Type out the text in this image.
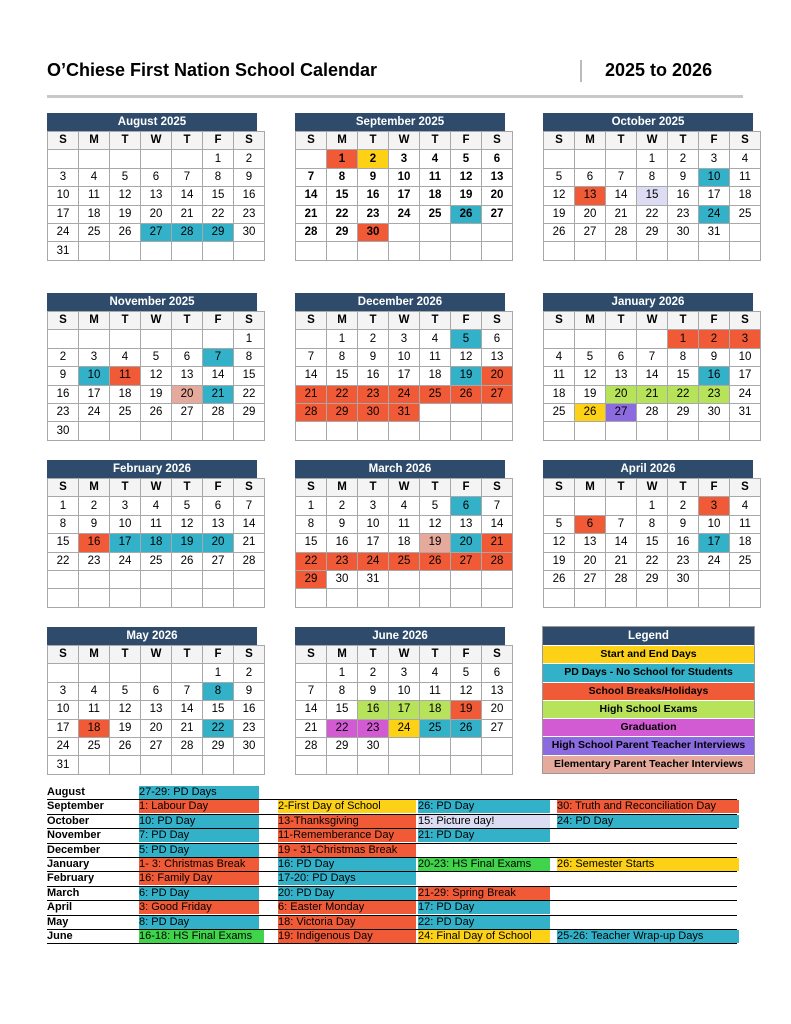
O’Chiese First Nation School Calendar	2025 to 2026
August 2025
S	M	T	W	T	F	S
					1	2
3	4	5	6	7	8	9
10	11	12	13	14	15	16
17	18	19	20	21	22	23
24	25	26	27	28	29	30
31						
September 2025
S	M	T	W	T	F	S
	1	2	3	4	5	6
7	8	9	10	11	12	13
14	15	16	17	18	19	20
21	22	23	24	25	26	27
28	29	30				

October 2025
S	M	T	W	T	F	S
			1	2	3	4
5	6	7	8	9	10	11
12	13	14	15	16	17	18
19	20	21	22	23	24	25
26	27	28	29	30	31	

November 2025
S	M	T	W	T	F	S
						1
2	3	4	5	6	7	8
9	10	11	12	13	14	15
16	17	18	19	20	21	22
23	24	25	26	27	28	29
30						
December 2026
S	M	T	W	T	F	S
	1	2	3	4	5	6
7	8	9	10	11	12	13
14	15	16	17	18	19	20
21	22	23	24	25	26	27
28	29	30	31			

January 2026
S	M	T	W	T	F	S
				1	2	3
4	5	6	7	8	9	10
11	12	13	14	15	16	17
18	19	20	21	22	23	24
25	26	27	28	29	30	31

February 2026
S	M	T	W	T	F	S
1	2	3	4	5	6	7
8	9	10	11	12	13	14
15	16	17	18	19	20	21
22	23	24	25	26	27	28

March 2026
S	M	T	W	T	F	S
1	2	3	4	5	6	7
8	9	10	11	12	13	14
15	16	17	18	19	20	21
22	23	24	25	26	27	28
29	30	31				

April 2026
S	M	T	W	T	F	S
			1	2	3	4
5	6	7	8	9	10	11
12	13	14	15	16	17	18
19	20	21	22	23	24	25
26	27	28	29	30		

May 2026
S	M	T	W	T	F	S
					1	2
3	4	5	6	7	8	9
10	11	12	13	14	15	16
17	18	19	20	21	22	23
24	25	26	27	28	29	30
31						
June 2026
S	M	T	W	T	F	S
	1	2	3	4	5	6
7	8	9	10	11	12	13
14	15	16	17	18	19	20
21	22	23	24	25	26	27
28	29	30				

Legend
Start and End Days
PD Days - No School for Students
School Breaks/Holidays
High School Exams
Graduation
High School Parent Teacher Interviews
Elementary Parent Teacher Interviews
August	27-29: PD Days
September	1: Labour Day	2-First Day of School	26: PD Day	30: Truth and Reconciliation Day
October	10: PD Day	13-Thanksgiving	15: Picture day!	24: PD Day
November	7: PD Day	11-Rememberance Day	21: PD Day
December	5: PD Day	19 - 31-Christmas Break
January	1- 3: Christmas Break	16: PD Day	20-23: HS Final Exams	26: Semester Starts
February	16: Family Day	17-20: PD Days
March	6: PD Day	20: PD Day	21-29: Spring Break
April	3: Good Friday	6: Easter Monday	17: PD Day
May	8: PD Day	18: Victoria Day	22: PD Day
June	16-18: HS Final Exams	19: Indigenous Day	24: Final Day of School	25-26: Teacher Wrap-up Days
